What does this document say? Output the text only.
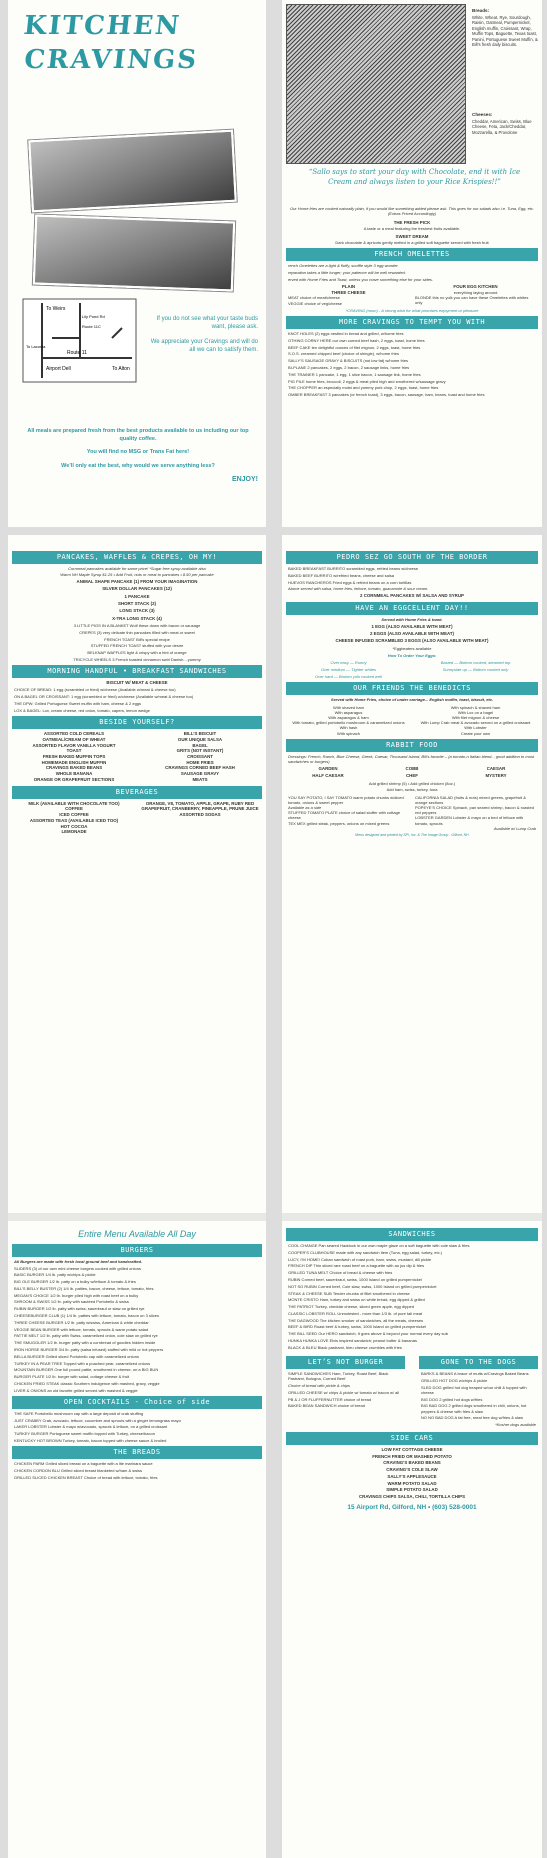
KITCHEN
CRAVINGS
To Weirs
Lily Pond Rd
Route 11C
To Laconia
Route 11
Airport Dell	To Alton

If you do not see what your taste buds want, please ask.

We appreciate your Cravings and will do all we can to satisfy them.

All meals are prepared fresh from the best products available to us including our top quality coffee.

You will find no MSG or Trans Fat here!

We’ll only eat the best, why would we serve anything less?

ENJOY!

Breads:
White, Wheat, Rye, Sourdough, Raisin, Oatmeal, Pumpernickel, English muffin, Croissant, Wrap, Muffin Tops, Baguette, Texas toast, Panini, Portuguese Sweet Muffin, & Bill’s fresh daily biscuits.
Cheeses:
Cheddar, American, Swiss, Blue Cheese, Feta, Jack/Cheddar, Mozzarella, & Provolone
“Sallo says to start your day with Chocolate, end it with Ice Cream and always listen to your Rice Krispies!!”

Our Home fries are cooked naturally plain, if you would like something added please ask. This goes for our salads also i.e. Tuna, Egg, etc. (Extras Priced Accordingly)

THE FRESH PICK

A taste or a meal featuring the freshest fruits available.

SWEET DREAM

Dark chocolate & apricots gently melted in a grilled soft baguette served with fresh fruit

FRENCH OMELETTES

rench Omelettes are a light & fluffy, souffle style 3 egg wonder.

reparation takes a little longer; your patience will be well rewarded.

erved with Home Fries and Toast, unless you crave something else for your sides.

PLAIN

THREE CHEESE

MEAT choice of meat/cheese

VEGGIE choice of veg/cheese

FOUR EGG KITCHEN

everything laying around

BLONDE this no yolk you can have these Omelettes with whites only

*CRAVING (noun) - A strong wish for what promises enjoyment or pleasure

MORE CRAVINGS TO TEMPT YOU WITH

KNOT HOLES (2) eggs nestled in bread and grilled, w/home fries

OTHING CORNY HERE our own corned beef hash, 2 eggs, toast, home fries

BEEF CAKE ten delightful ounces of filet mignon, 2 eggs, toast, home fries

S.O.S. creamed chipped beef (choice of shingle), w/home fries

SALLY’S SAUSAGE GRAVY & BISCUITS (not low fat) w/home fries

BI-PLANE 2 pancakes, 2 eggs, 2 bacon, 2 sausage links, home fries

THE TRAINER 1 pancake, 1 egg, 1 slice bacon, 1 sausage link, home fries

PIG PILE home fries, broccoli, 2 eggs & meat piled high and smothered w/sausage gravy

THE CHOPPER an especially moist and yummy pork chop, 2 eggs, toast, home fries

OMBER BREAKFAST 3 pancakes (or french toast), 3 eggs, bacon, sausage, ham, beans, toast and home fries

PANCAKES, WAFFLES & CREPES, OH MY!

Cornmeal pancakes available for same price! *Sugar free syrup available also

Warm NH Maple Syrup $1.25 • Add Fruit, nuts or meat to pancakes • $.50 per pancake

ANIMAL SHAPE PANCAKE (1) FROM YOUR IMAGINATION

SILVER DOLLAR PANCAKES (12)

1 PANCAKE

SHORT STACK (2)

LONG STACK (3)

X-TRA LONG STACK (4)

3 LITTLE PIGS IN A BLANKET Wolf these down with bacon or sausage

CREPES (3) very delicate thin pancakes filled with meat or sweet

FRENCH TOAST Bill’s special recipe

STUFFED FRENCH TOAST stuffed with your desire

BELKNAP WAFFLES light & crispy with a hint of orange

TRICYCLE WHEELS 3 French toasted cinnamon swirl Danish....yummy

MORNING HANDFUL • BREAKFAST SANDWICHES

BISCUIT W/ MEAT & CHEESE

CHOICE OF BREAD: 1 egg (scrambled or fried) w/cheese (Available w/meat & cheese too)

ON A BAGEL OR CROISSANT: 1 egg (scrambled or fried) w/cheese (Available w/meat & cheese too)

THE DPW: Grilled Portuguese Sweet muffin with ham, cheese & 2 eggs

LOX & BAGEL: Lox, cream cheese, red onion, tomato, capers, lemon wedge

BESIDE YOURSELF?

ASSORTED COLD CEREALS

OATMEAL/CREAM OF WHEAT

ASSORTED FLAVOR VANILLA YOGURT

TOAST

FRESH BAKED MUFFIN TOPS

HOMEMADE ENGLISH MUFFIN

CRAVINGS BAKED BEANS

WHOLE BANANA

ORANGE OR GRAPEFRUIT SECTIONS

BILL’S BISCUIT

OUR UNIQUE SALSA

BAGEL

GRITS (NOT INSTANT)

CROISSANT

HOME FRIES

CRAVINGS CORNED BEEF HASH

SAUSAGE GRAVY

MEATS

BEVERAGES

MILK (AVAILABLE WITH CHOCOLATE TOO)

COFFEE

ICED COFFEE

ASSORTED TEAS (AVAILABLE ICED TOO)

HOT COCOA

LEMONADE

ORANGE, V8, TOMATO, APPLE, GRAPE, RUBY RED GRAPEFRUIT, CRANBERRY, PINEAPPLE, PRUNE JUICE

ASSORTED SODAS

Entire Menu Available All Day

BURGERS

All Burgers are made with fresh local ground beef and handcrafted.

SLIDERS (3) of our own mini cheese burgers cooked with grilled onions

BASIC BURGER 1/4 lb. patty w/chips & pickle

BIG OLE BURGER 1/2 lb. patty on a bulky w/lettuce & tomato & fries

BILL’S BELLY BUSTER (2) 1/4 lb. patties, bacon, cheese, lettuce, tomato, fries

MEGAN’S CHOICE 1/2 lb. burger piled high with roast beef on a bulky

SHROOM & SWISS 1/2 lb. patty with sautéed Portobello & swiss

RUBIN BURGER 1/2 lb. patty with swiss, sauerkraut or slaw on grilled rye

CHEESEBURGER CLUB (1) 1/4 lb. patties with lettuce, tomato, bacon on 3 slices

THREE CHEESE BURGER 1/2 lb. patty w/swiss, American & white cheddar

VEGGIE BEAN BURGER with lettuce, tomato, sprouts & warm potato salad

PATTIE MELT 1/2 lb. patty with Swiss, caramelized onion, cole slaw on grilled rye

THE SMUGGLER 1/2 lb. burger patty with a cornbread of goodies hidden inside

IRON HORSE BURGER 3/4 lb. patty (salsa infused) stuffed with mild or hot peppers

BELLA BURGER Grilled sliced Portobello cap with caramelized onions

TURKEY IN A PEAR TREE Topped with a poached pear, caramelized onions

MOUNTAIN BURGER One full pound pattie, smothered in cheese, on a BIG BUN

BURGER PLATE 1/2 lb. burger with salad, cottage cheese & fruit

CHICKEN FRIED STEAK classic Southern indulgence with mashed, gravy, veggie

LIVER & ONIONS an old favorite grilled served with mashed & veggie

OPEN COCKTAILS - Choice of side

THE SAFE Portobello mushroom cap with a large deposit of crab stuffing

JUST CRABBY Crab, avocado, lettuce, cucumber and sprouts with a ginger lemongrass mayo

LAKER LOBSTER Lobster & mayo w/avocado, sprouts & lettuce, on a grilled croissant

TURKEY BURGER Portuguese sweet muffin topped with Turkey, cheese/bacon

KENTUCKY HOT BROWN Turkey, tomato, bacon topped with cheese sauce & broiled

THE BREADS

CHICKEN PARM Grilled sliced breast on a baguette with a lite marinara sauce

CHICKEN CORDON BLU Grilled sliced breast blanketed w/ham & swiss

GRILLED SLICED CHICKEN BREAST Choice of bread with lettuce, tomato, fries

PEDRO SEZ GO SOUTH OF THE BORDER

BAKED BREAKFAST BURRITO scrambled eggs, refried beans w/cheese

BAKED BEEF BURRITO w/refried beans, cheese and salsa

HUEVOS RANCHEROS Fried eggs & refried beans on a corn tortillas

Above served with salsa, home fries, lettuce, tomato, guacamole & sour cream.

2 CORNMEAL PANCAKES W/ SALSA AND SYRUP

HAVE AN EGGCELLENT DAY!!

Served with Home Fries & toast.

1 EGG (ALSO AVAILABLE WITH MEAT)

2 EGGS (ALSO AVAILABLE WITH MEAT)

CHEESE INFUSED SCRAMBLED 3 EGGS (ALSO AVAILABLE WITH MEAT)

*Eggbeaters available

How To Order Your Eggs:

Over easy — Runny	Basted — Bottom cooked, steamed top

Over medium — Tighter whites	Sunnyside up — Bottom cooked only

Over hard — Broken yolk cooked well

OUR FRIENDS THE BENEDICTS

Served with Home Fries, choice of under carriage... English muffin, toast, biscuit, etc.

With shaved ham

With asparagus

With asparagus & ham

With tomato, grilled portobello mushroom & caramelized onions

With hash

With spinach

With spinach & shaved ham

With Lox on a bagel

With filet mignon & cheese

With Lump Crab meat & avocado served on a grilled croissant

With Lobster

Create your own

RABBIT FOOD

Dressings: French, Ranch, Blue Cheese, Greek, Caesar, Thousand Island, Bill’s favorite – (a tomato-n Italian blend... good addition to most sandwiches or burgers)

GARDEN	COBB	CAESAR

HALF CAESAR	CHEF	MYSTERY

Add grilled shrimp (5) • Add grilled chicken (8oz.)

Add ham, swiss, turkey, tuna

YOU SAY POTATO, I SAY TOMATO warm potato chunks w/diced tomato, onions & sweet pepper

Available as a side

STUFFED TOMATO PLATE choice of salad stuffer with cottage cheese

TEX MEX grilled steak, peppers, onions on mixed greens

CALIFORNIA SALAD (fruits & nuts) mixed greens, grapefruit & orange sections

POPEYE’S CHOICE Spinach, pan seared shrimp, bacon & roasted red peppers

LOBSTER GARDEN Lobster & mayo on a bed of lettuce with tomato, sprouts

Available w/ Lump Crab

Menu designed and printed by SPI, Inc. & The Image Group - Gilford, NH

SANDWICHES

COOL CHANGE Pan seared Haddock in our own maple glaze on a soft baguette with cole slaw & fries

COOPER’S CLUBHOUSE made with any sandwich item (Tuna, egg salad, turkey, etc.)

LUCY, I’M HOME! Cuban sandwich of roast pork, ham, swiss, mustard, dill pickle

FRENCH DIP Thin sliced rare roast beef on a baguette with au jus dip & fries

GRILLED TUNA MELT Choice of bread & cheese with fries

RUBIN Corned beef, sauerkraut, swiss, 1000 Island on grilled pumpernickel

NOT SO RUBIN Corned beef, Cole slaw, swiss, 1000 Island on grilled pumpernickel

STEAK & CHEESE SUB Tender chunks of fillet smothered in cheese

MONTE CRISTO Ham, turkey and swiss on white bread, egg dipped & grilled

THE PATRIOT Turkey, cheddar cheese, sliced green apple, egg dipped

CLASSIC LOBSTER ROLL Unmolested - more than 1/3 lb. of pure tail meat

THE DAGWOOD The kitchen smoker of sandwiches, all the meats, cheeses

BEEF & BIRD Roast beef & turkey, swiss, 1000 Island on grilled pumpernickel

THE BILL SEED Our HERO sandwich; It goes above & beyond your normal every day sub

HUNKA HUNKA LOVE Elvis inspired sandwich; peanut butter & bananas

BLACK & BLEU Black pastrami, bleu cheese crumbles with fries

LET’S NOT BURGER

SIMPLE SANDWICHES Ham, Turkey, Roast Beef, Black Pastrami, Bologna, Corned Beef

Choice of bread with pickle & chips

GRILLED CHEESE w/ chips & pickle w/ tomato w/ bacon w/ all

PB & J OR FLUFFERNUTTER choice of bread

BAKED BEAN SANDWICH choice of bread

GONE TO THE DOGS

BARKS & BEANS A brace of mutts w/Cravings Baked Beans

GRILLED HOT DOG w/chips & pickle

SLED DOG grilled hot dog heaped w/our chili & topped with cheese

BIG DOG 2 grilled hot dogs w/fries

BIG BAD DOG 2 grilled dogs smothered in chili, onions, hot peppers & cheese with fries & slaw

NO NO BAD DOG A fat free, meat free dog w/fries & slaw

*Kosher dogs available

SIDE CARS

LOW FAT COTTAGE CHEESE

FRENCH FRIED OR MASHED POTATO

CRAVING’S BAKED BEANS

CRAVING’S COLE SLAW

SALLY’S APPLESAUCE

WARM POTATO SALAD

SIMPLE POTATO SALAD

CRAVINGS CHIPS SALSA, CHILI, TORTILLA CHIPS

15 Airport Rd, Gilford, NH • (603) 528-0001
